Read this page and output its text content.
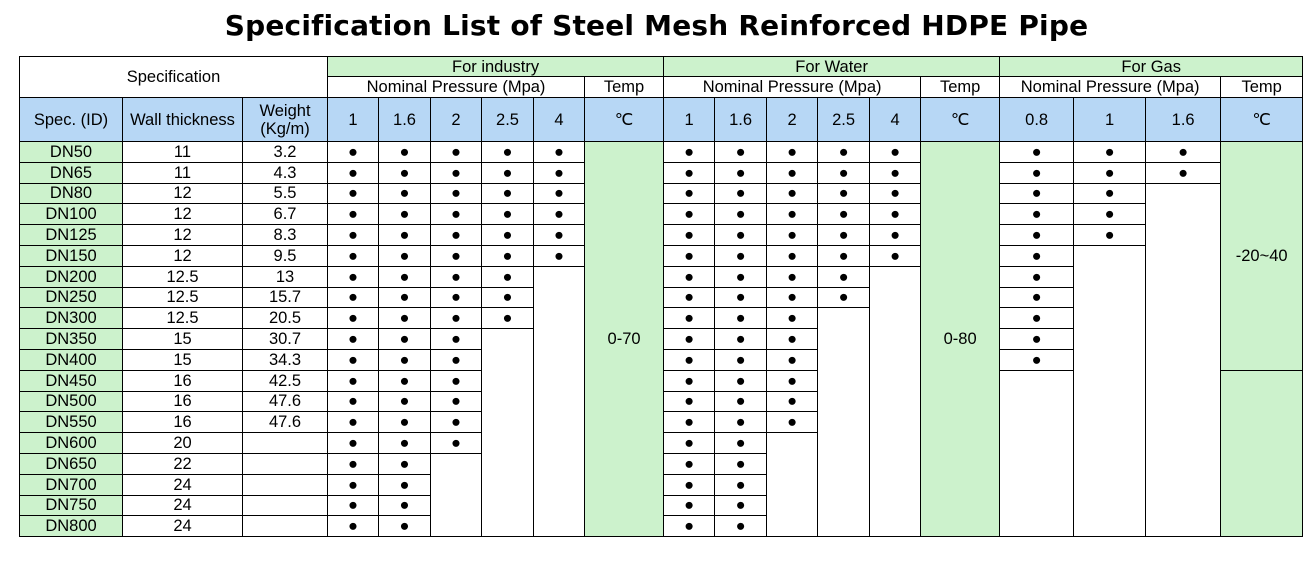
Specification List of Steel Mesh Reinforced HDPE Pipe
Specification			For industry						For Water						For Gas			
			Nominal Pressure (Mpa)					Temp	Nominal Pressure (Mpa)					Temp	Nominal Pressure (Mpa)			Temp
Spec. (ID)	Wall thickness	Weight (Kg/m)	1	1.6	2	2.5	4	℃	1	1.6	2	2.5	4	℃	0.8	1	1.6	℃
DN50	11	3.2	●	●	●	●	●	0-70	●	●	●	●	●	0-80	●	●	●	-20~40
DN65	11	4.3	●	●	●	●	●		●	●	●	●	●		●	●	●	
DN80	12	5.5	●	●	●	●	●		●	●	●	●	●		●	●		
DN100	12	6.7	●	●	●	●	●		●	●	●	●	●		●	●		
DN125	12	8.3	●	●	●	●	●		●	●	●	●	●		●	●		
DN150	12	9.5	●	●	●	●	●		●	●	●	●	●		●			
DN200	12.5	13	●	●	●	●			●	●	●	●			●			
DN250	12.5	15.7	●	●	●	●			●	●	●	●			●			
DN300	12.5	20.5	●	●	●	●			●	●	●				●			
DN350	15	30.7	●	●	●				●	●	●				●			
DN400	15	34.3	●	●	●				●	●	●				●			
DN450	16	42.5	●	●	●				●	●	●							
DN500	16	47.6	●	●	●				●	●	●							
DN550	16	47.6	●	●	●				●	●	●							
DN600	20		●	●	●				●	●								
DN650	22		●	●					●	●								
DN700	24		●	●					●	●								
DN750	24		●	●					●	●								
DN800	24		●	●					●	●								
